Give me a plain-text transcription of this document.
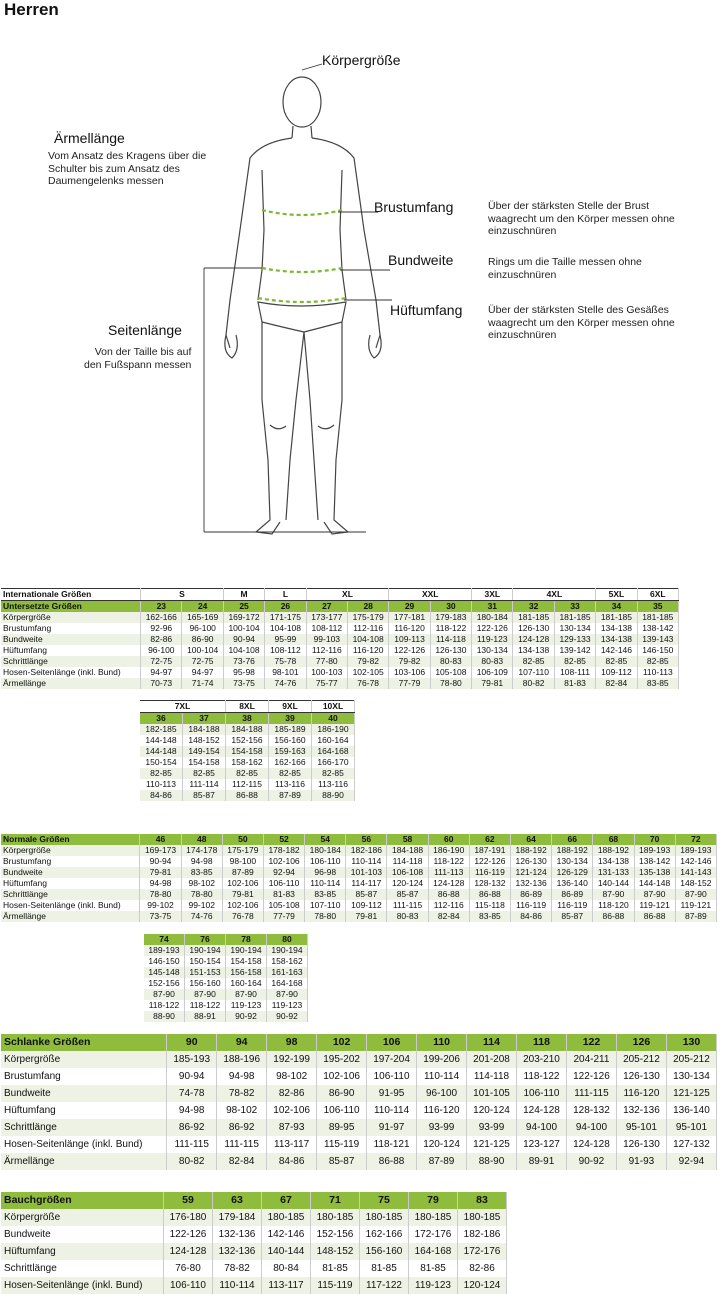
Herren
Körpergröße
Ärmellänge
Vom Ansatz des Kragens über die
Schulter bis zum Ansatz des
Daumengelenks messen
Brustumfang	Über der stärksten Stelle der Brust
waagrecht um den Körper messen ohne
einzuschnüren
Bundweite	Rings um die Taille messen ohne
einzuschnüren
Hüftumfang Über der stärksten Stelle des Gesäßes
waagrecht um den Körper messen ohne
einzuschnüren
Seitenlänge
Von der Taille bis auf
den Fußspann messen
Internationale Größen	S		M	L	XL		XXL		3XL	4XL		5XL	6XL
Untersetzte Größen	23	24	25	26	27	28	29	30	31	32	33	34	35
Körpergröße	162-166	165-169	169-172	171-175	173-177	175-179	177-181	179-183	180-184	181-185	181-185	181-185	181-185
Brustumfang	92-96	96-100	100-104	104-108	108-112	112-116	116-120	118-122	122-126	126-130	130-134	134-138	138-142
Bundweite	82-86	86-90	90-94	95-99	99-103	104-108	109-113	114-118	119-123	124-128	129-133	134-138	139-143
Hüftumfang	96-100	100-104	104-108	108-112	112-116	116-120	122-126	126-130	130-134	134-138	139-142	142-146	146-150
Schrittlänge	72-75	72-75	73-76	75-78	77-80	79-82	79-82	80-83	80-83	82-85	82-85	82-85	82-85
Hosen-Seitenlänge (inkl. Bund)	94-97	94-97	95-98	98-101	100-103	102-105	103-106	105-108	106-109	107-110	108-111	109-112	110-113
Ärmellänge	70-73	71-74	73-75	74-76	75-77	76-78	77-79	78-80	79-81	80-82	81-83	82-84	83-85
7XL		8XL	9XL	10XL
36	37	38	39	40
182-185	184-188	184-188	185-189	186-190
144-148	148-152	152-156	156-160	160-164
144-148	149-154	154-158	159-163	164-168
150-154	154-158	158-162	162-166	166-170
82-85	82-85	82-85	82-85	82-85
110-113	111-114	112-115	113-116	113-116
84-86	85-87	86-88	87-89	88-90
Normale Größen	46	48	50	52	54	56	58	60	62	64	66	68	70	72
Körpergröße	169-173	174-178	175-179	178-182	180-184	182-186	184-188	186-190	187-191	188-192	188-192	188-192	189-193	189-193
Brustumfang	90-94	94-98	98-100	102-106	106-110	110-114	114-118	118-122	122-126	126-130	130-134	134-138	138-142	142-146
Bundweite	79-81	83-85	87-89	92-94	96-98	101-103	106-108	111-113	116-119	121-124	126-129	131-133	135-138	141-143
Hüftumfang	94-98	98-102	102-106	106-110	110-114	114-117	120-124	124-128	128-132	132-136	136-140	140-144	144-148	148-152
Schrittlänge	78-80	78-80	79-81	81-83	83-85	85-87	85-87	86-88	86-88	86-89	86-89	87-90	87-90	87-90
Hosen-Seitenlänge (inkl. Bund)	99-102	99-102	102-106	105-108	107-110	109-112	111-115	112-116	115-118	116-119	116-119	118-120	119-121	119-121
Ärmellänge	73-75	74-76	76-78	77-79	78-80	79-81	80-83	82-84	83-85	84-86	85-87	86-88	86-88	87-89
74	76	78	80
189-193	190-194	190-194	190-194
146-150	150-154	154-158	158-162
145-148	151-153	156-158	161-163
152-156	156-160	160-164	164-168
87-90	87-90	87-90	87-90
118-122	118-122	119-123	119-123
88-90	88-91	90-92	90-92
Schlanke Größen	90	94	98	102	106	110	114	118	122	126	130
Körpergröße	185-193	188-196	192-199	195-202	197-204	199-206	201-208	203-210	204-211	205-212	205-212
Brustumfang	90-94	94-98	98-102	102-106	106-110	110-114	114-118	118-122	122-126	126-130	130-134
Bundweite	74-78	78-82	82-86	86-90	91-95	96-100	101-105	106-110	111-115	116-120	121-125
Hüftumfang	94-98	98-102	102-106	106-110	110-114	116-120	120-124	124-128	128-132	132-136	136-140
Schrittlänge	86-92	86-92	87-93	89-95	91-97	93-99	93-99	94-100	94-100	95-101	95-101
Hosen-Seitenlänge (inkl. Bund)	111-115	111-115	113-117	115-119	118-121	120-124	121-125	123-127	124-128	126-130	127-132
Ärmellänge	80-82	82-84	84-86	85-87	86-88	87-89	88-90	89-91	90-92	91-93	92-94
Bauchgrößen	59	63	67	71	75	79	83
Körpergröße	176-180	179-184	180-185	180-185	180-185	180-185	180-185
Bundweite	122-126	132-136	142-146	152-156	162-166	172-176	182-186
Hüftumfang	124-128	132-136	140-144	148-152	156-160	164-168	172-176
Schrittlänge	76-80	78-82	80-84	81-85	81-85	81-85	82-86
Hosen-Seitenlänge (inkl. Bund)	106-110	110-114	113-117	115-119	117-122	119-123	120-124
